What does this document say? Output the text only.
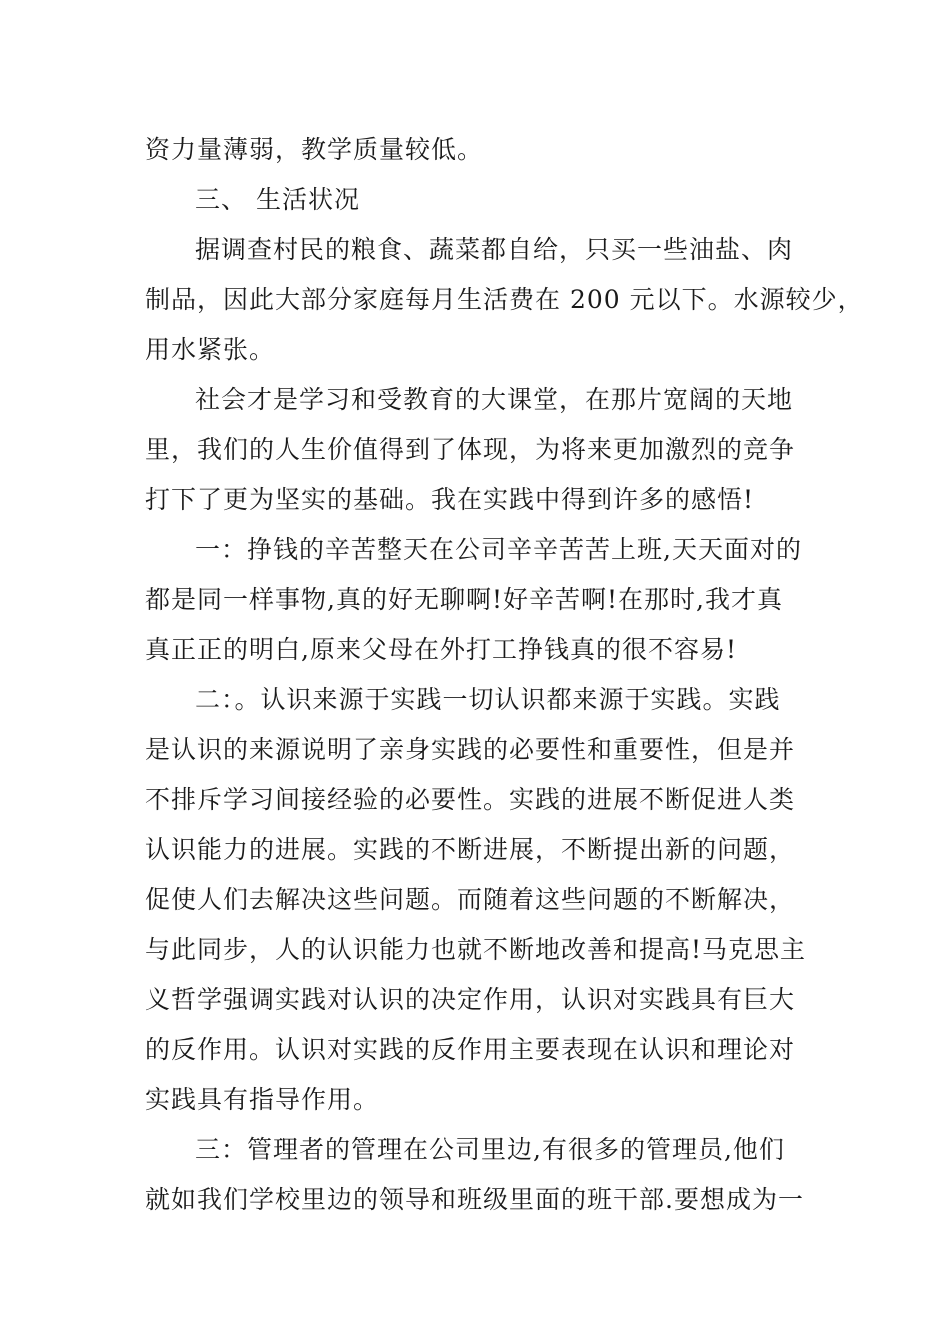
资力量薄弱，教学质量较低。
三、 生活状况
据调查村民的粮食、蔬菜都自给，只买一些油盐、肉
制品，因此大部分家庭每月生活费在 200 元以下。水源较少，
用水紧张。
社会才是学习和受教育的大课堂，在那片宽阔的天地
里，我们的人生价值得到了体现，为将来更加激烈的竞争
打下了更为坚实的基础。我在实践中得到许多的感悟!
一：挣钱的辛苦整天在公司辛辛苦苦上班,天天面对的
都是同一样事物,真的好无聊啊!好辛苦啊!在那时,我才真
真正正的明白,原来父母在外打工挣钱真的很不容易!
二：。认识来源于实践一切认识都来源于实践。实践
是认识的来源说明了亲身实践的必要性和重要性，但是并
不排斥学习间接经验的必要性。实践的进展不断促进人类
认识能力的进展。实践的不断进展，不断提出新的问题，
促使人们去解决这些问题。而随着这些问题的不断解决，
与此同步，人的认识能力也就不断地改善和提高!马克思主
义哲学强调实践对认识的决定作用，认识对实践具有巨大
的反作用。认识对实践的反作用主要表现在认识和理论对
实践具有指导作用。
三：管理者的管理在公司里边,有很多的管理员,他们
就如我们学校里边的领导和班级里面的班干部.要想成为一
